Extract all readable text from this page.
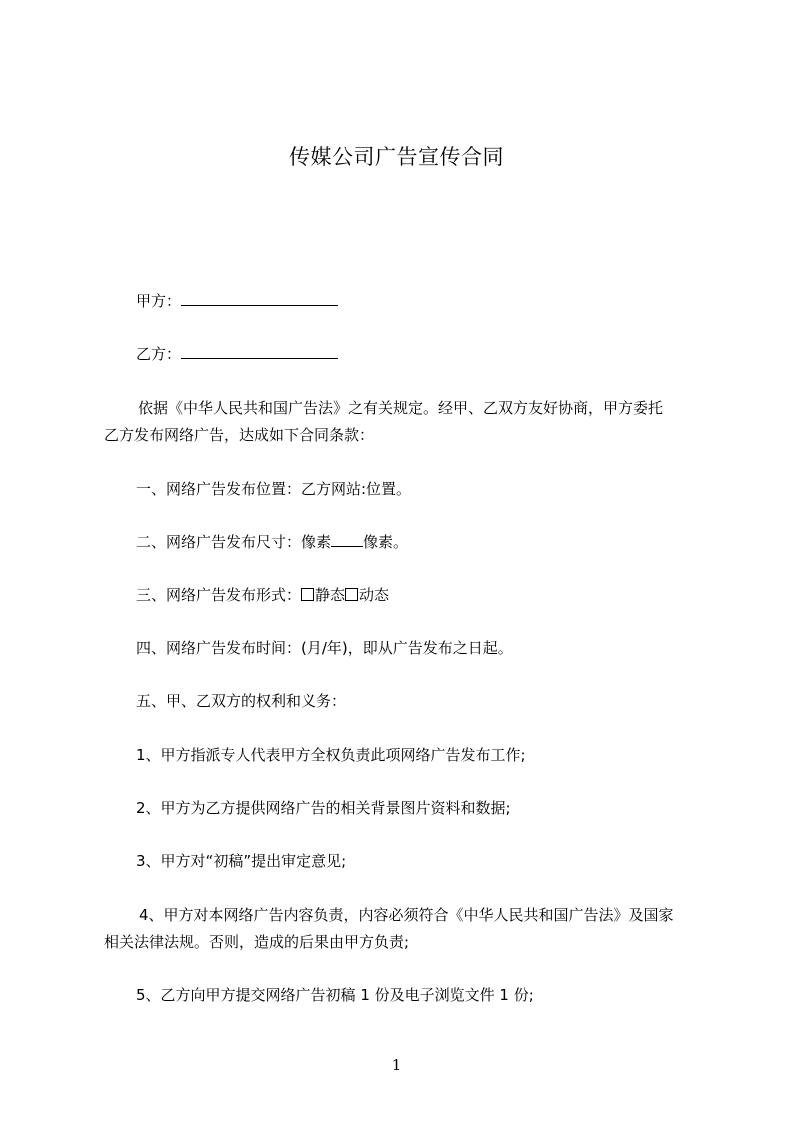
传媒公司广告宣传合同
甲方：
乙方：
依据《中华人民共和国广告法》之有关规定。经甲、乙双方友好协商，甲方委托
乙方发布网络广告，达成如下合同条款：
一、网络广告发布位置：乙方网站:位置。
二、网络广告发布尺寸：像素 像素。
三、网络广告发布形式： 静态 动态
四、网络广告发布时间：(月/年)，即从广告发布之日起。
五、甲、乙双方的权利和义务：
1、甲方指派专人代表甲方全权负责此项网络广告发布工作;
2、甲方为乙方提供网络广告的相关背景图片资料和数据;
3、甲方对“初稿”提出审定意见;
4、甲方对本网络广告内容负责，内容必须符合《中华人民共和国广告法》及国家
相关法律法规。否则，造成的后果由甲方负责;
5、乙方向甲方提交网络广告初稿 1 份及电子浏览文件 1 份;
1
